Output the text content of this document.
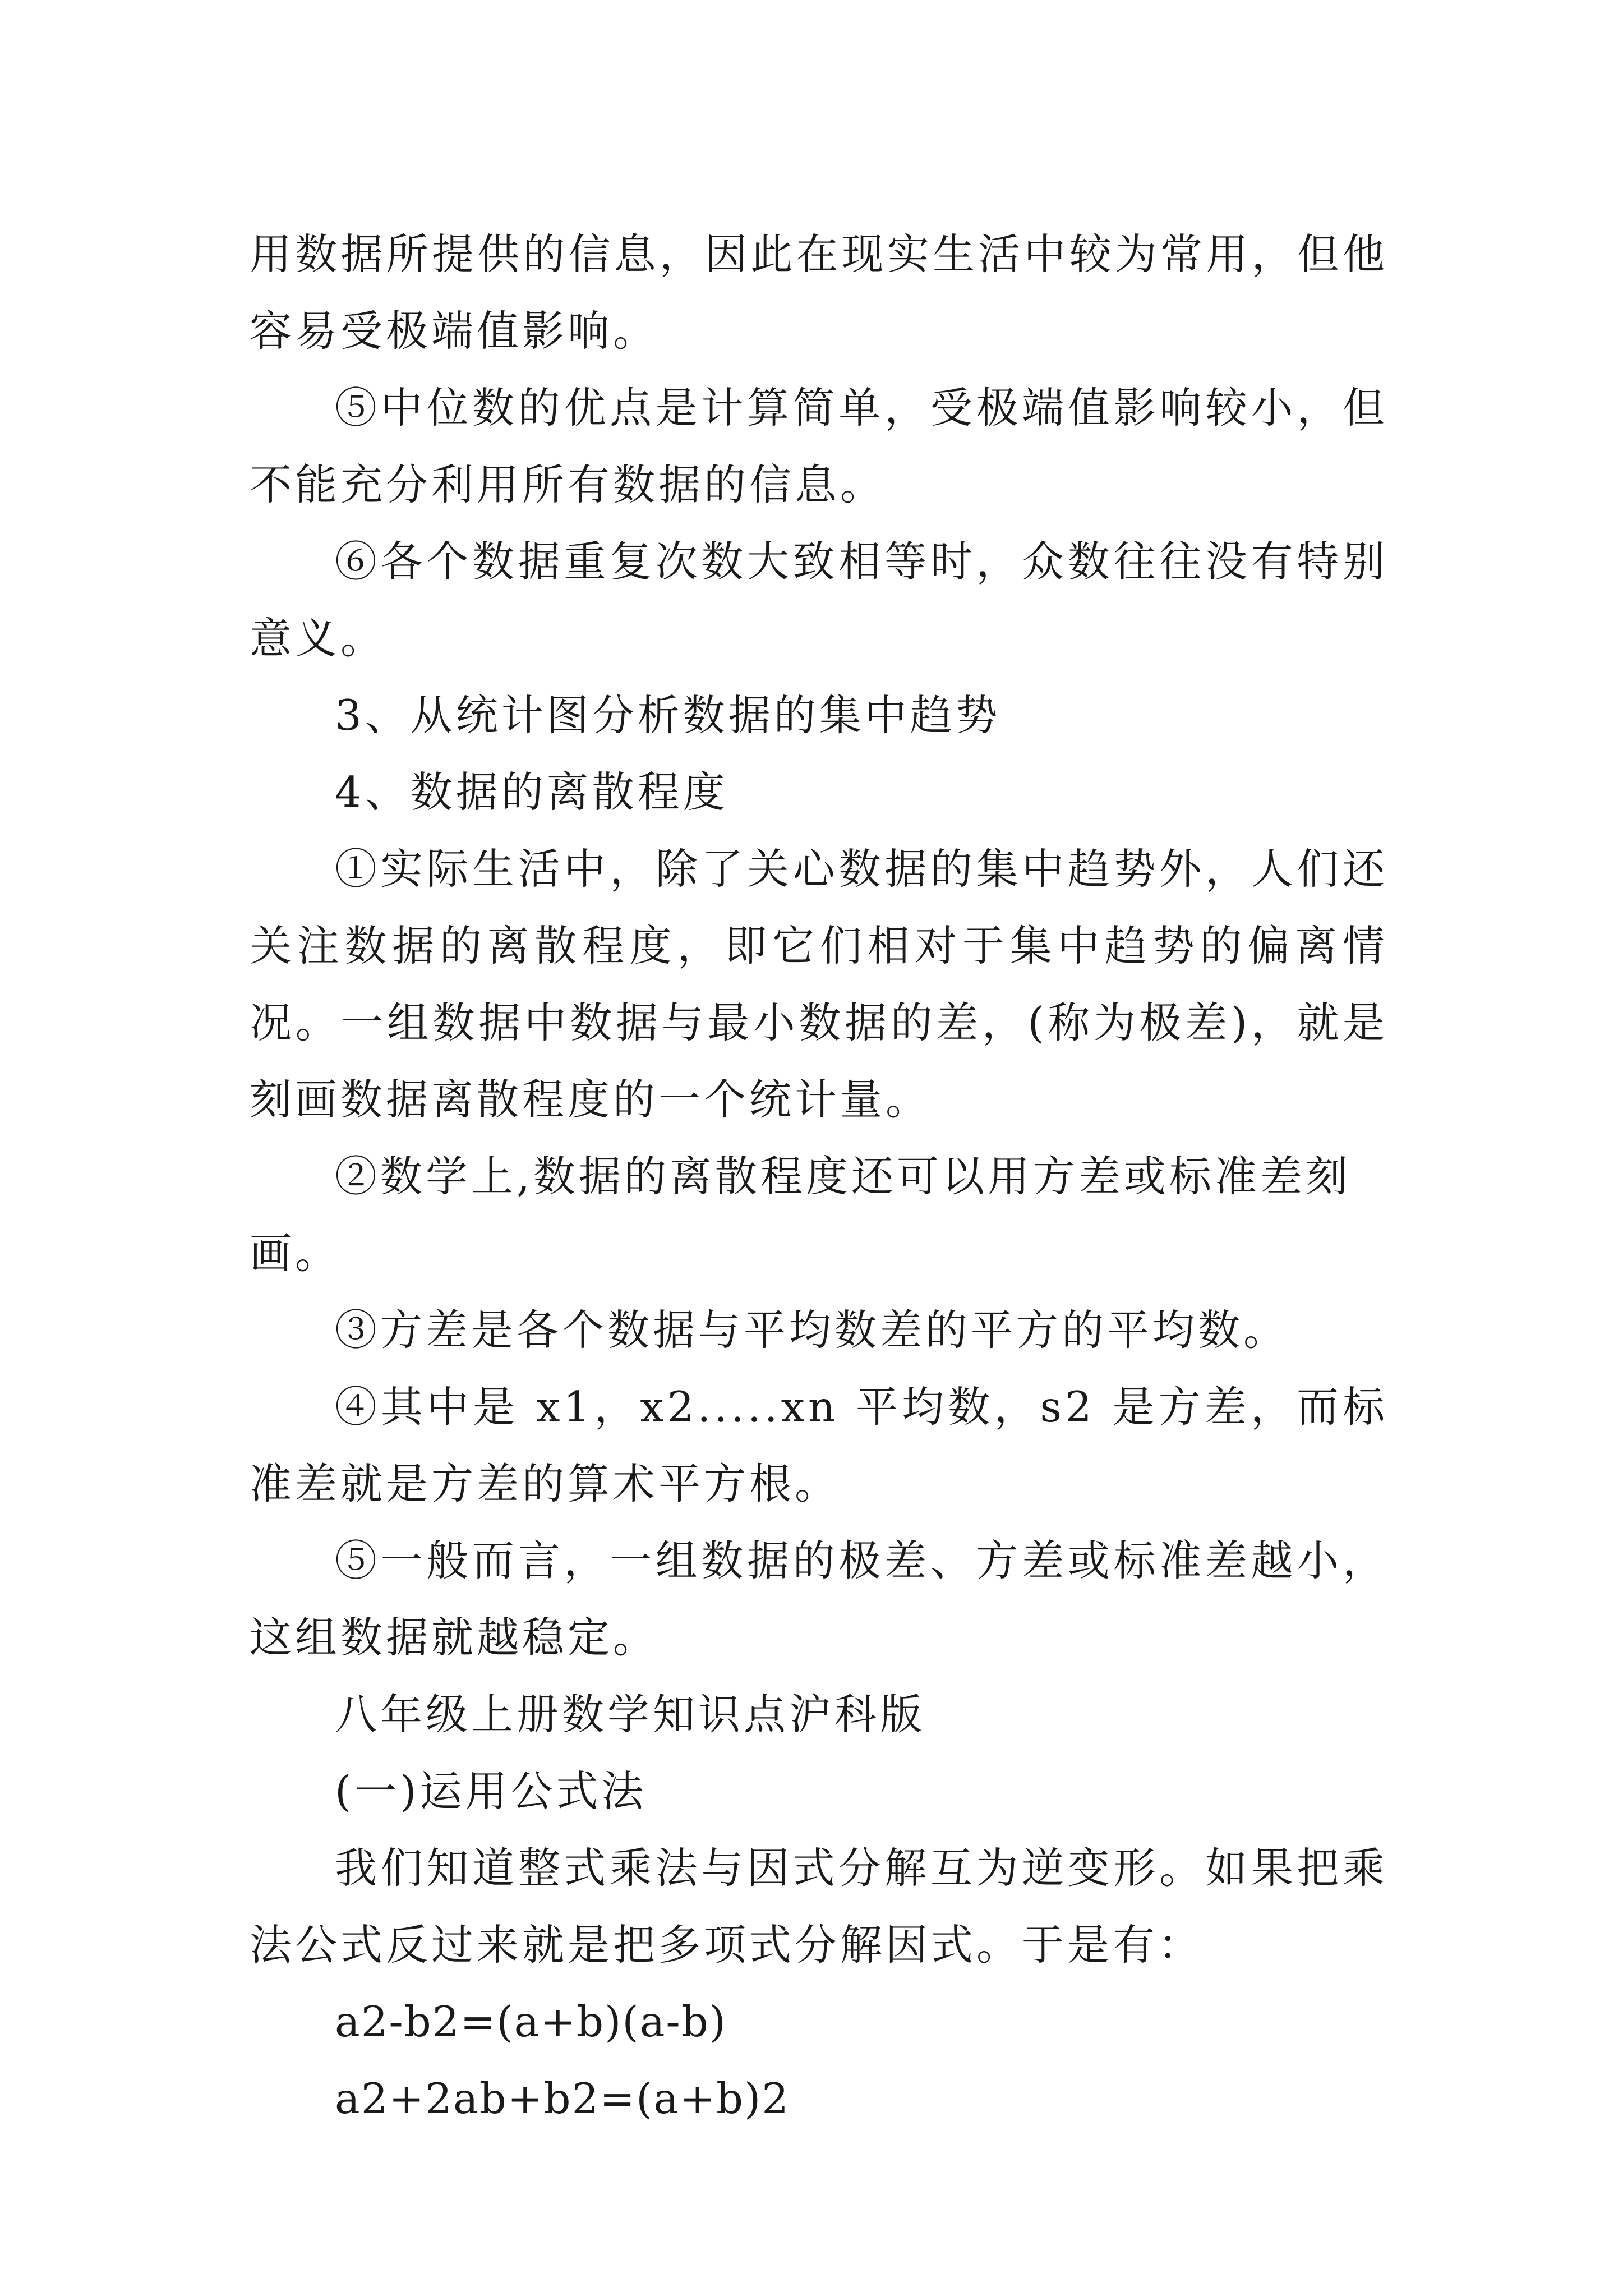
用数据所提供的信息，因此在现实生活中较为常用，但他容易受极端值影响。

⑤中位数的优点是计算简单，受极端值影响较小，但不能充分利用所有数据的信息。

⑥各个数据重复次数大致相等时，众数往往没有特别意义。

3、从统计图分析数据的集中趋势

4、数据的离散程度

①实际生活中，除了关心数据的集中趋势外，人们还关注数据的离散程度，即它们相对于集中趋势的偏离情况。一组数据中数据与最小数据的差，(称为极差)，就是刻画数据离散程度的一个统计量。

②数学上,数据的离散程度还可以用方差或标准差刻画。

③方差是各个数据与平均数差的平方的平均数。

④其中是 x1，x2.....xn 平均数，s2 是方差，而标准差就是方差的算术平方根。

⑤一般而言，一组数据的极差、方差或标准差越小，这组数据就越稳定。

八年级上册数学知识点沪科版

(一)运用公式法

我们知道整式乘法与因式分解互为逆变形。如果把乘法公式反过来就是把多项式分解因式。于是有：

a2-b2=(a+b)(a-b)

a2+2ab+b2=(a+b)2
